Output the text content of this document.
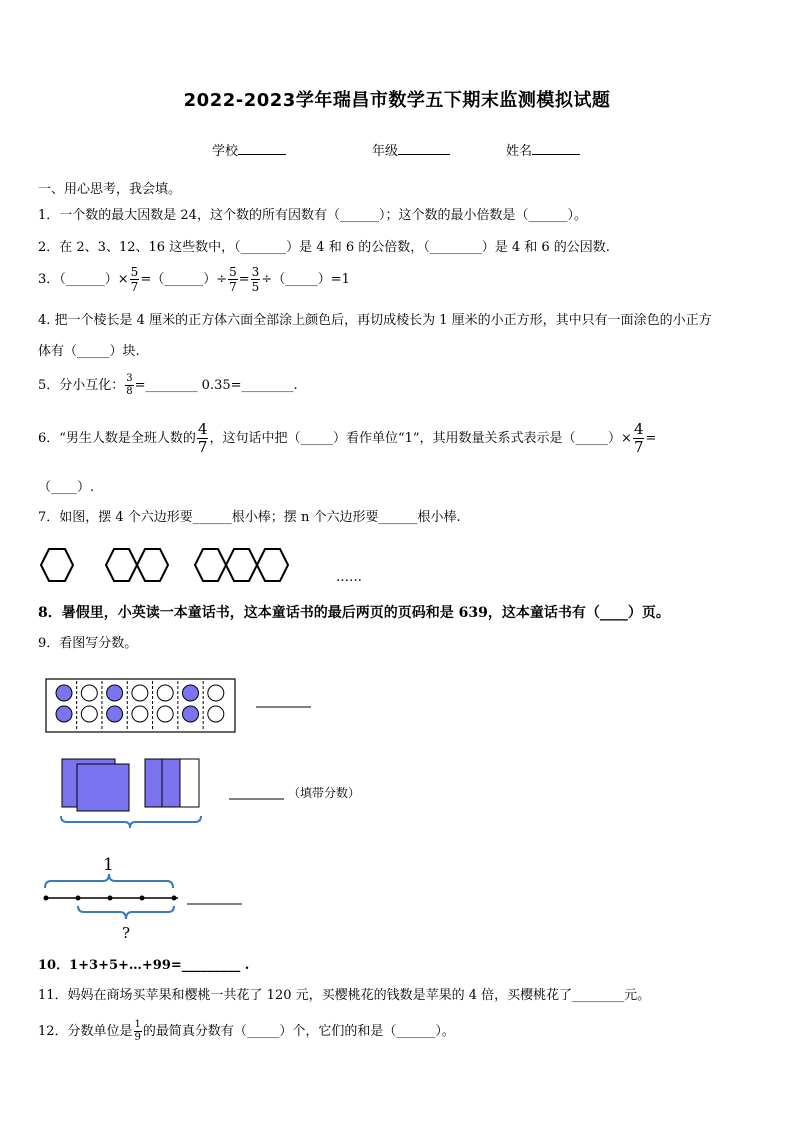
2022-2023学年瑞昌市数学五下期末监测模拟试题
学校	年级	姓名
一、用心思考，我会填。
1．一个数的最大因数是 24，这个数的所有因数有（______）；这个数的最小倍数是（______）。
2．在 2、3、12、16 这些数中，（_______）是 4 和 6 的公倍数，（________）是 4 和 6 的公因数.
3．（______）× $\frac{5}{7}$ =（______）÷ $\frac{5}{7} = \frac{3}{5}$ ÷（_____）=1
4. 把一个棱长是 4 厘米的正方体六面全部涂上颜色后，再切成棱长为 1 厘米的小正方形，其中只有一面涂色的小正方
体有（_____）块.
5．分小互化： $\frac{3}{8}$ =________ 0.35=________.
6．“男生人数是全班人数的 $\frac{4}{7}$ ，这句话中把（_____）看作单位“1”，其用数量关系式表示是（_____）× $\frac{4}{7}$ =
（____）.
7．如图，摆 4 个六边形要______根小棒；摆 n 个六边形要______根小棒.
……
8．暑假里，小英读一本童话书，这本童话书的最后两页的页码和是 639，这本童话书有（____）页。
9．看图写分数。
（填带分数）
1
?
10．1+3+5+…+99=_________ .
11．妈妈在商场买苹果和樱桃一共花了 120 元，买樱桃花的钱数是苹果的 4 倍，买樱桃花了________元。
12．分数单位是 $\frac{1}{9}$ 的最简真分数有（_____）个，它们的和是（______）。
